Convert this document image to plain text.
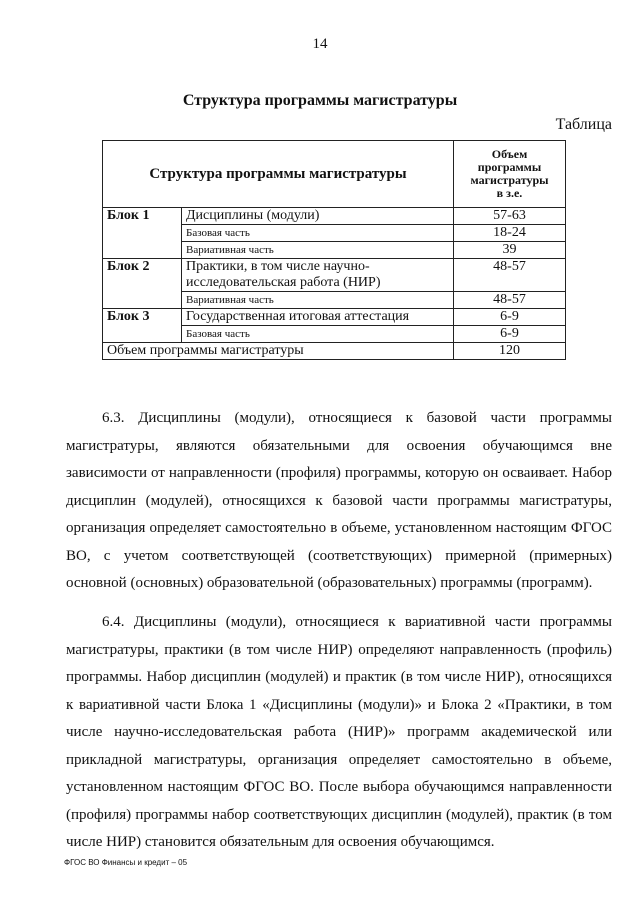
14
Структура программы магистратуры
Таблица
Структура программы магистратуры		Объем
программы
магистратуры
в з.е.

Блок 1	Дисциплины (модули)	57-63
	Базовая часть	18-24
	Вариативная часть	39
Блок 2	Практики, в том числе научно-исследовательская работа (НИР)	48-57
	Вариативная часть	48-57
Блок 3	Государственная итоговая аттестация	6-9
	Базовая часть	6-9
Объем программы магистратуры		120

6.3. Дисциплины (модули), относящиеся к базовой части программы магистратуры, являются обязательными для освоения обучающимся вне зависимости от направленности (профиля) программы, которую он осваивает. Набор дисциплин (модулей), относящихся к базовой части программы магистратуры, организация определяет самостоятельно в объеме, установленном настоящим ФГОС ВО, с учетом соответствующей (соответствующих) примерной (примерных) основной (основных) образовательной (образовательных) программы (программ).

6.4. Дисциплины (модули), относящиеся к вариативной части программы магистратуры, практики (в том числе НИР) определяют направленность (профиль) программы. Набор дисциплин (модулей) и практик (в том числе НИР), относящихся к вариативной части Блока 1 «Дисциплины (модули)» и Блока 2 «Практики, в том числе научно-исследовательская работа (НИР)» программ академической или прикладной магистратуры, организация определяет самостоятельно в объеме, установленном настоящим ФГОС ВО. После выбора обучающимся направленности (профиля) программы набор соответствующих дисциплин (модулей), практик (в том числе НИР) становится обязательным для освоения обучающимся.

ФГОС ВО Финансы и кредит – 05
